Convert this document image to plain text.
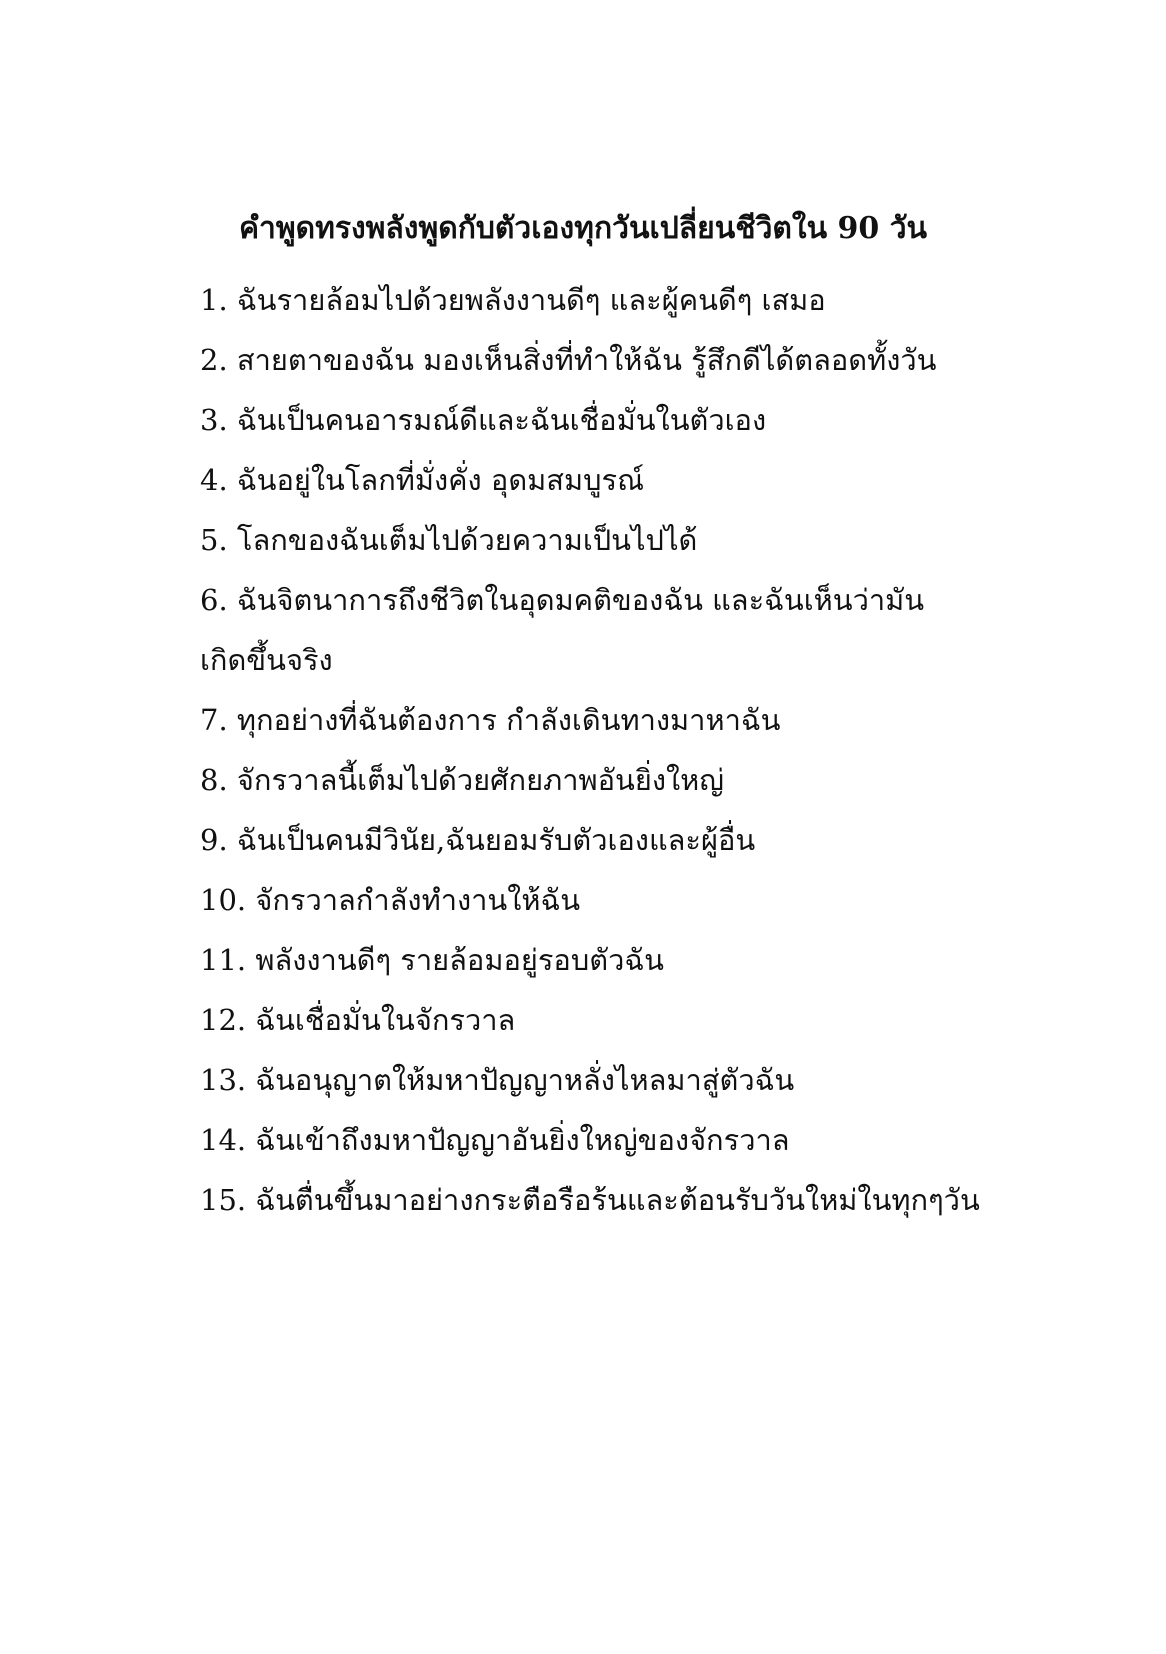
คำพูดทรงพลังพูดกับตัวเองทุกวันเปลี่ยนชีวิตใน 90 วัน
1. ฉันรายล้อมไปด้วยพลังงานดีๆ และผู้คนดีๆ เสมอ
2. สายตาของฉัน มองเห็นสิ่งที่ทำให้ฉัน รู้สึกดีได้ตลอดทั้งวัน
3. ฉันเป็นคนอารมณ์ดีและฉันเชื่อมั่นในตัวเอง
4. ฉันอยู่ในโลกที่มั่งคั่ง อุดมสมบูรณ์
5. โลกของฉันเต็มไปด้วยความเป็นไปได้
6. ฉันจิตนาการถึงชีวิตในอุดมคติของฉัน และฉันเห็นว่ามัน
เกิดขึ้นจริง
7. ทุกอย่างที่ฉันต้องการ กำลังเดินทางมาหาฉัน
8. จักรวาลนี้เต็มไปด้วยศักยภาพอันยิ่งใหญ่
9. ฉันเป็นคนมีวินัย,ฉันยอมรับตัวเองและผู้อื่น
10. จักรวาลกำลังทำงานให้ฉัน
11. พลังงานดีๆ รายล้อมอยู่รอบตัวฉัน
12. ฉันเชื่อมั่นในจักรวาล
13. ฉันอนุญาตให้มหาปัญญาหลั่งไหลมาสู่ตัวฉัน
14. ฉันเข้าถึงมหาปัญญาอันยิ่งใหญ่ของจักรวาล
15. ฉันตื่นขึ้นมาอย่างกระตือรือร้นและต้อนรับวันใหม่ในทุกๆวัน
